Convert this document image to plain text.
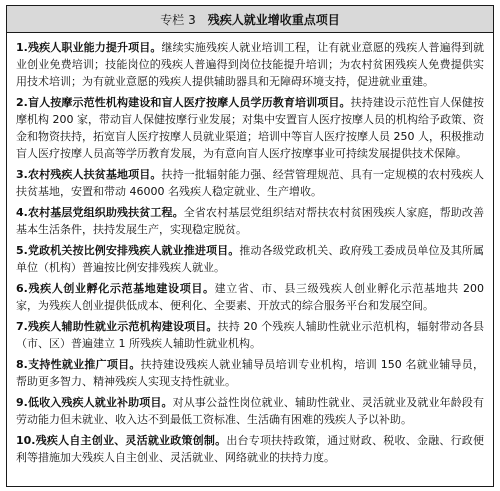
专栏 3 残疾人就业增收重点项目

1.残疾人职业能力提升项目。继续实施残疾人就业培训工程，让有就业意愿的残疾人普遍得到就业创业免费培训；技能岗位的残疾人普遍得到岗位技能提升培训；为农村贫困残疾人免费提供实用技术培训；为有就业意愿的残疾人提供辅助器具和无障碍环境支持，促进就业重建。

2.盲人按摩示范性机构建设和盲人医疗按摩人员学历教育培训项目。扶持建设示范性盲人保健按摩机构 200 家，带动盲人保健按摩行业发展；对集中安置盲人医疗按摩人员的机构给予政策、资金和物资扶持，拓宽盲人医疗按摩人员就业渠道；培训中等盲人医疗按摩人员 250 人，积极推动盲人医疗按摩人员高等学历教育发展，为有意向盲人医疗按摩事业可持续发展提供技术保障。

3.农村残疾人扶贫基地项目。扶持一批辐射能力强、经营管理规范、具有一定规模的农村残疾人扶贫基地，安置和带动 46000 名残疾人稳定就业、生产增收。

4.农村基层党组织助残扶贫工程。全省农村基层党组织结对帮扶农村贫困残疾人家庭，帮助改善基本生活条件，扶持发展生产，实现稳定脱贫。

5.党政机关按比例安排残疾人就业推进项目。推动各级党政机关、政府残工委成员单位及其所属单位（机构）普遍按比例安排残疾人就业。

6.残疾人创业孵化示范基地建设项目。建立省、市、县三级残疾人创业孵化示范基地共 200 家，为残疾人创业提供低成本、便利化、全要素、开放式的综合服务平台和发展空间。

7.残疾人辅助性就业示范机构建设项目。扶持 20 个残疾人辅助性就业示范机构，辐射带动各县（市、区）普遍建立 1 所残疾人辅助性就业机构。

8.支持性就业推广项目。扶持建设残疾人就业辅导员培训专业机构，培训 150 名就业辅导员，帮助更多智力、精神残疾人实现支持性就业。

9.低收入残疾人就业补助项目。对从事公益性岗位就业、辅助性就业、灵活就业及就业年龄段有劳动能力但未就业、收入达不到最低工资标准、生活确有困难的残疾人予以补助。

10.残疾人自主创业、灵活就业政策创制。出台专项扶持政策，通过财政、税收、金融、行政便利等措施加大残疾人自主创业、灵活就业、网络就业的扶持力度。
